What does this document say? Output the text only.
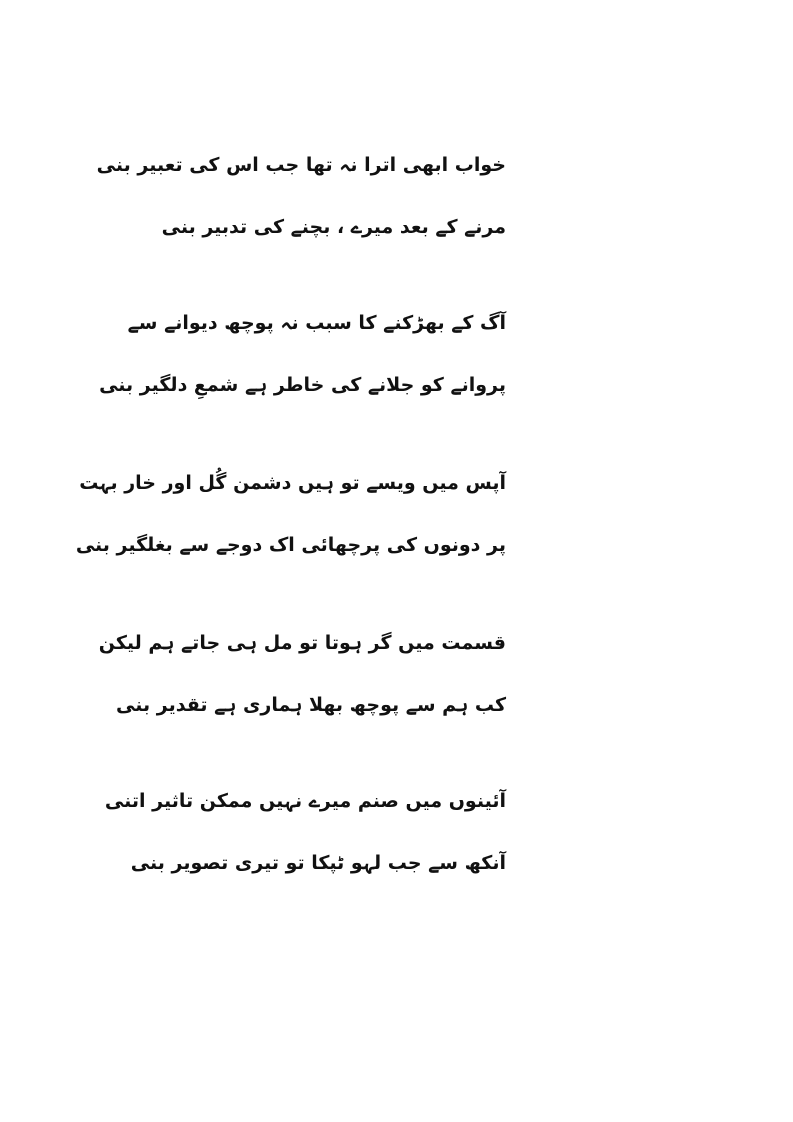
خواب ابھی اترا نہ تھا جب اس کی تعبیر بنی
مرنے کے بعد میرے ، بچنے کی تدبیر بنی
آگ کے بھڑکنے کا سبب نہ پوچھ دیوانے سے
پروانے کو جلانے کی خاطر ہے شمعِ دلگیر بنی
آپس میں ویسے تو ہیں دشمن گُل اور خار بہت
پر دونوں کی پرچھائی اک دوجے سے بغلگیر بنی
قسمت میں گر ہوتا تو مل ہی جاتے ہم لیکن
کب ہم سے پوچھ بھلا ہماری ہے تقدیر بنی
آئینوں میں صنم میرے نہیں ممکن تاثیر اتنی
آنکھ سے جب لہو ٹپکا تو تیری تصویر بنی
